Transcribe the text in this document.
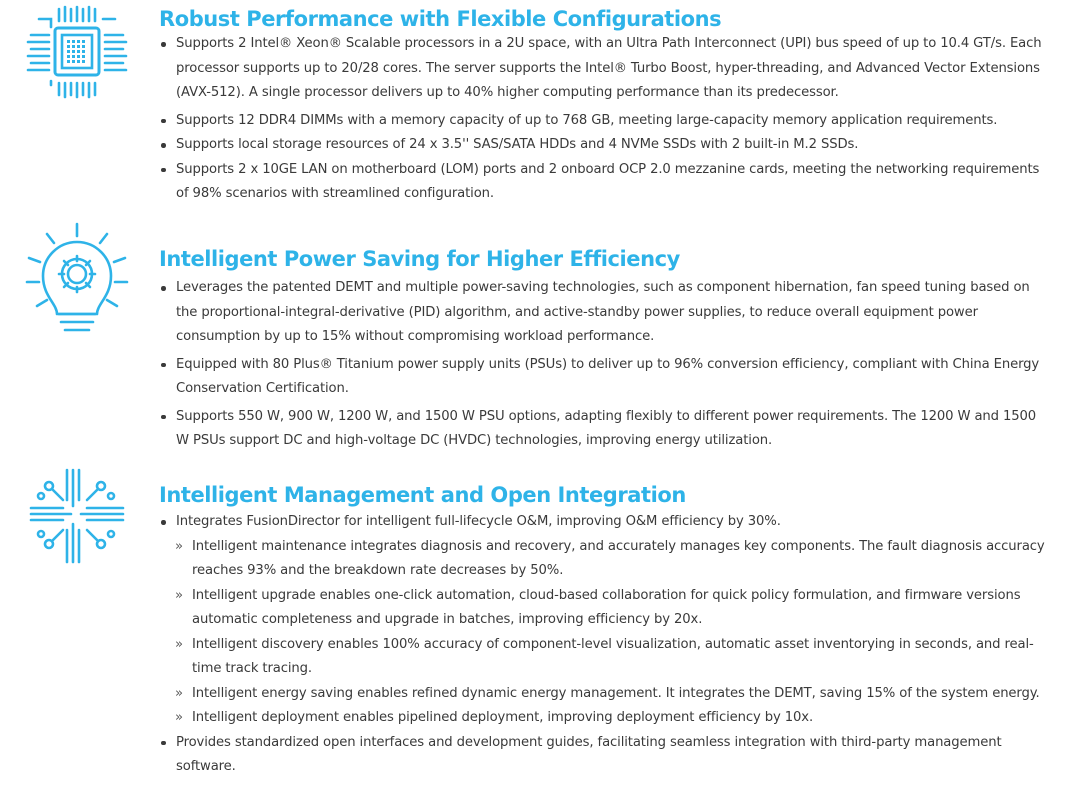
Robust Performance with Flexible Configurations
Supports 2 Intel® Xeon® Scalable processors in a 2U space, with an Ultra Path Interconnect (UPI) bus speed of up to 10.4 GT/s. Each processor supports up to 20/28 cores. The server supports the Intel® Turbo Boost, hyper-threading, and Advanced Vector Extensions (AVX-512). A single processor delivers up to 40% higher computing performance than its predecessor.
Supports 12 DDR4 DIMMs with a memory capacity of up to 768 GB, meeting large-capacity memory application requirements.
Supports local storage resources of 24 x 3.5'' SAS/SATA HDDs and 4 NVMe SSDs with 2 built-in M.2 SSDs.
Supports 2 x 10GE LAN on motherboard (LOM) ports and 2 onboard OCP 2.0 mezzanine cards, meeting the networking requirements of 98% scenarios with streamlined configuration.
Intelligent Power Saving for Higher Efficiency
Leverages the patented DEMT and multiple power-saving technologies, such as component hibernation, fan speed tuning based on the proportional-integral-derivative (PID) algorithm, and active-standby power supplies, to reduce overall equipment power consumption by up to 15% without compromising workload performance.
Equipped with 80 Plus® Titanium power supply units (PSUs) to deliver up to 96% conversion efficiency, compliant with China Energy Conservation Certification.
Supports 550 W, 900 W, 1200 W, and 1500 W PSU options, adapting flexibly to different power requirements. The 1200 W and 1500 W PSUs support DC and high-voltage DC (HVDC) technologies, improving energy utilization.
Intelligent Management and Open Integration
Integrates FusionDirector for intelligent full-lifecycle O&M, improving O&M efficiency by 30%.
» Intelligent maintenance integrates diagnosis and recovery, and accurately manages key components. The fault diagnosis accuracy reaches 93% and the breakdown rate decreases by 50%.
» Intelligent upgrade enables one-click automation, cloud-based collaboration for quick policy formulation, and firmware versions automatic completeness and upgrade in batches, improving efficiency by 20x.
» Intelligent discovery enables 100% accuracy of component-level visualization, automatic asset inventorying in seconds, and real-time track tracing.
» Intelligent energy saving enables refined dynamic energy management. It integrates the DEMT, saving 15% of the system energy.
» Intelligent deployment enables pipelined deployment, improving deployment efficiency by 10x.
Provides standardized open interfaces and development guides, facilitating seamless integration with third-party management software.
